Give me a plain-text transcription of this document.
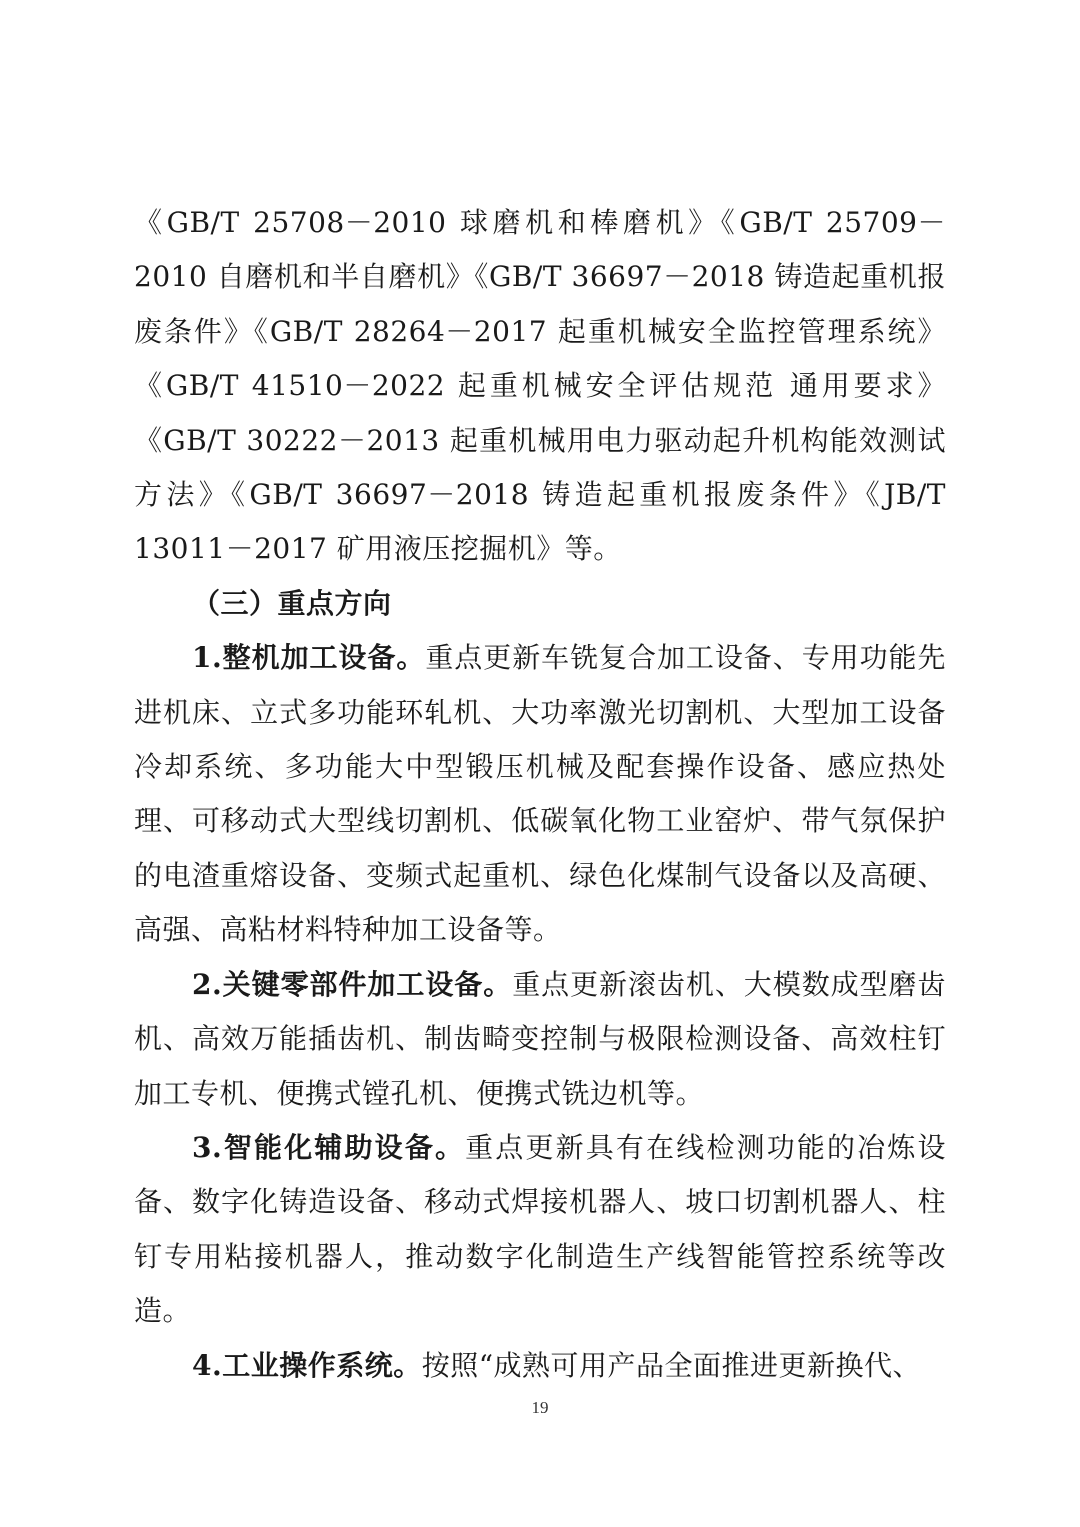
《GB/T 25708－2010 球磨机和棒磨机》《GB/T 25709－2010 自磨机和半自磨机》《GB/T 36697－2018 铸造起重机报废条件》《GB/T 28264－2017 起重机械安全监控管理系统》《GB/T 41510－2022 起重机械安全评估规范 通用要求》《GB/T 30222－2013 起重机械用电力驱动起升机构能效测试方法》《GB/T 36697－2018 铸造起重机报废条件》《JB/T 13011－2017 矿用液压挖掘机》等。

（三）重点方向

1.整机加工设备。重点更新车铣复合加工设备、专用功能先进机床、立式多功能环轧机、大功率激光切割机、大型加工设备冷却系统、多功能大中型锻压机械及配套操作设备、感应热处理、可移动式大型线切割机、低碳氧化物工业窑炉、带气氛保护的电渣重熔设备、变频式起重机、绿色化煤制气设备以及高硬、高强、高粘材料特种加工设备等。

2.关键零部件加工设备。重点更新滚齿机、大模数成型磨齿机、高效万能插齿机、制齿畸变控制与极限检测设备、高效柱钉加工专机、便携式镗孔机、便携式铣边机等。

3.智能化辅助设备。重点更新具有在线检测功能的冶炼设备、数字化铸造设备、移动式焊接机器人、坡口切割机器人、柱钉专用粘接机器人，推动数字化制造生产线智能管控系统等改造。

4.工业操作系统。按照“成熟可用产品全面推进更新换代、

19
